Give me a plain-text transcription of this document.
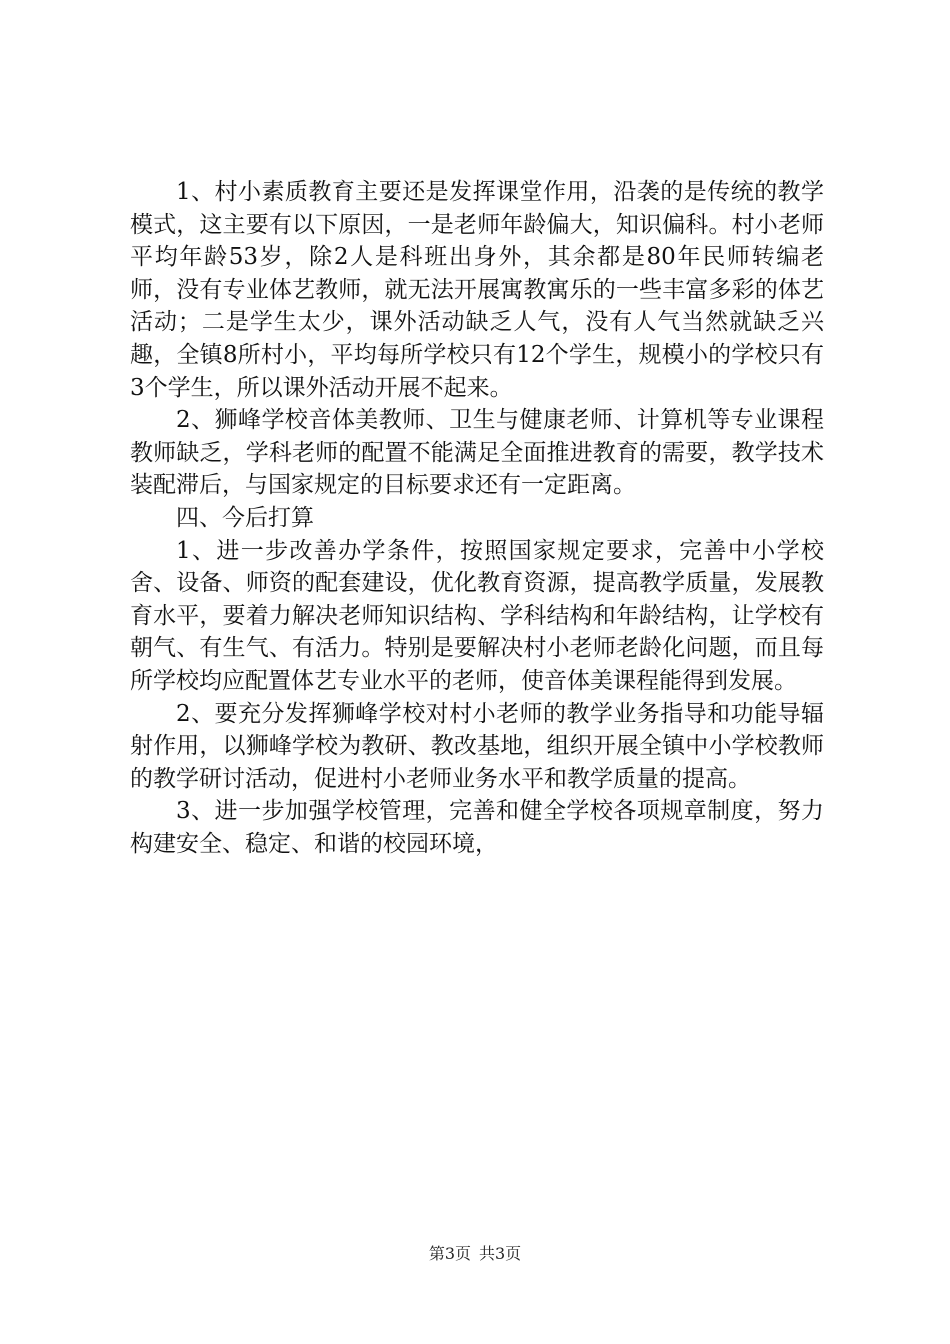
1、村小素质教育主要还是发挥课堂作用，沿袭的是传统的教学模式，这主要有以下原因，一是老师年龄偏大，知识偏科。村小老师平均年龄53岁，除2人是科班出身外，其余都是80年民师转编老师，没有专业体艺教师，就无法开展寓教寓乐的一些丰富多彩的体艺活动；二是学生太少，课外活动缺乏人气，没有人气当然就缺乏兴趣，全镇8所村小，平均每所学校只有12个学生，规模小的学校只有3个学生，所以课外活动开展不起来。

2、狮峰学校音体美教师、卫生与健康老师、计算机等专业课程教师缺乏，学科老师的配置不能满足全面推进教育的需要，教学技术装配滞后，与国家规定的目标要求还有一定距离。

四、今后打算

1、进一步改善办学条件，按照国家规定要求，完善中小学校舍、设备、师资的配套建设，优化教育资源，提高教学质量，发展教育水平，要着力解决老师知识结构、学科结构和年龄结构，让学校有朝气、有生气、有活力。特别是要解决村小老师老龄化问题，而且每所学校均应配置体艺专业水平的老师，使音体美课程能得到发展。

2、要充分发挥狮峰学校对村小老师的教学业务指导和功能导辐射作用，以狮峰学校为教研、教改基地，组织开展全镇中小学校教师的教学研讨活动，促进村小老师业务水平和教学质量的提高。

3、进一步加强学校管理，完善和健全学校各项规章制度，努力构建安全、稳定、和谐的校园环境，

第3页 共3页
